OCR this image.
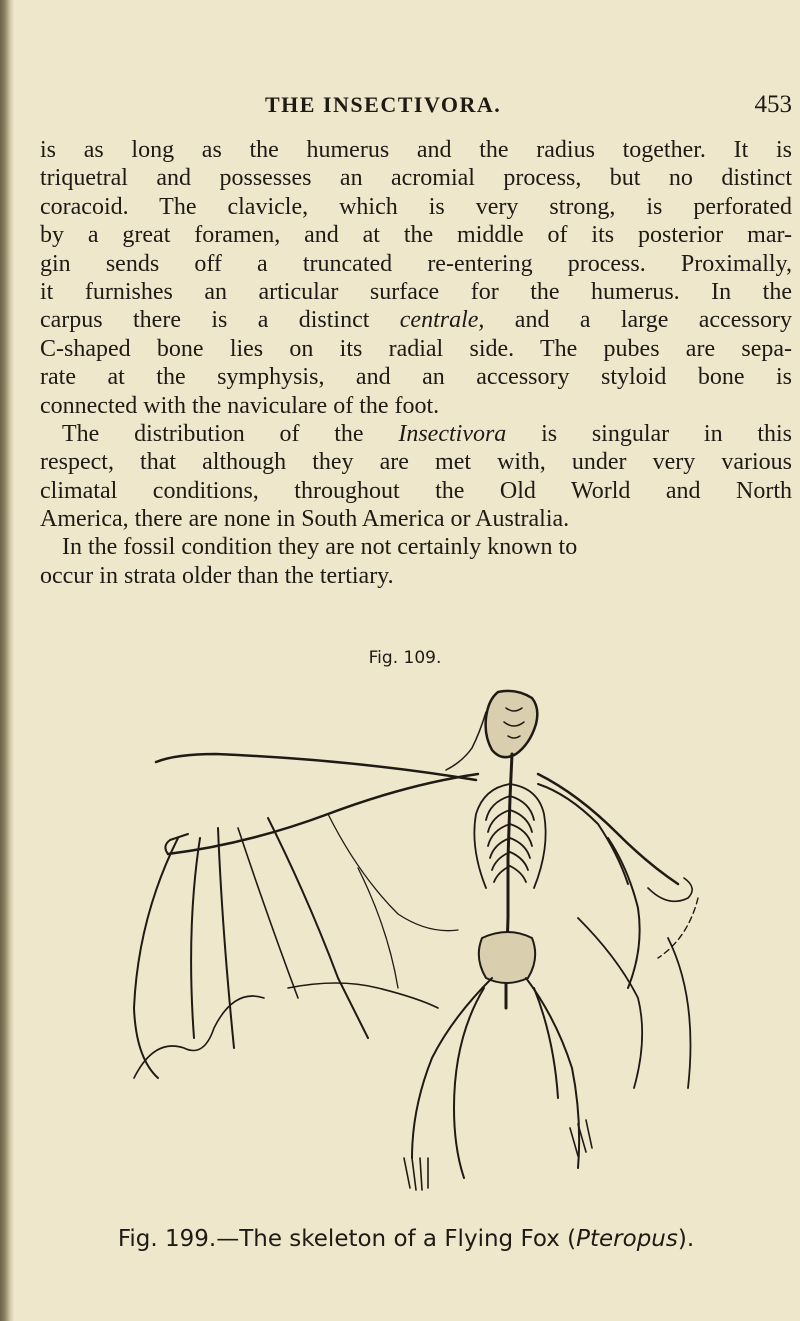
THE INSECTIVORA.	453
is as long as the humerus and the radius together. It is
triquetral and possesses an acromial process, but no distinct
coracoid. The clavicle, which is very strong, is perforated
by a great foramen, and at the middle of its posterior mar-
gin sends off a truncated re-entering process. Proximally,
it furnishes an articular surface for the humerus. In the
carpus there is a distinct centrale, and a large accessory
C-shaped bone lies on its radial side. The pubes are sepa-
rate at the symphysis, and an accessory styloid bone is
connected with the naviculare of the foot.
The distribution of the Insectivora is singular in this
respect, that although they are met with, under very various
climatal conditions, throughout the Old World and North
America, there are none in South America or Australia.
In the fossil condition they are not certainly known to
occur in strata older than the tertiary.
Fig. 109.
Fig. 199.—The skeleton of a Flying Fox (Pteropus).
